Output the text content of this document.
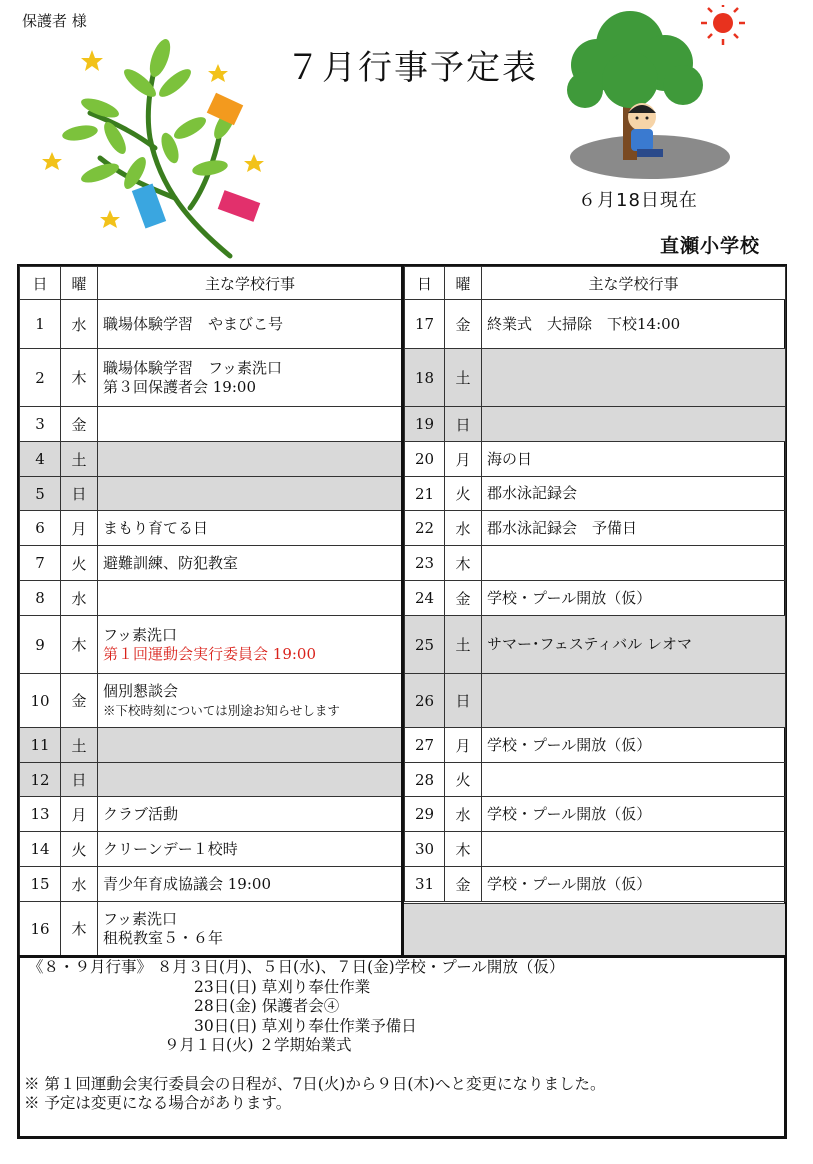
保護者 様
７月行事予定表
６月18日現在
直瀬小学校
日	曜	主な学校行事
1	水	職場体験学習　やまびこ号

2	木	職場体験学習　フッ素洗口
第３回保護者会 19:00

3	金	
4	土	
5	日	
6	月	まもり育てる日

7	火	避難訓練、防犯教室

8	水	
9	木	フッ素洗口
第１回運動会実行委員会 19:00

10	金	個別懇談会
※下校時刻については別途お知らせします

11	土	
12	日	
13	月	クラブ活動

14	火	クリーンデー１校時

15	水	青少年育成協議会 19:00

16	木	フッ素洗口
租税教室５・６年
日	曜	主な学校行事
17	金	終業式　大掃除　下校14:00

18	土	
19	日	
20	月	海の日

21	火	郡水泳記録会

22	水	郡水泳記録会　予備日

23	木	
24	金	学校・プール開放（仮）

25	土	サマー･フェスティバル レオマ

26	日	
27	月	学校・プール開放（仮）

28	火	
29	水	学校・プール開放（仮）

30	木	
31	金	学校・プール開放（仮）
《８・９月行事》 ８月３日(月)、５日(水)、７日(金)学校・プール開放（仮）
23日(日) 草刈り奉仕作業
28日(金) 保護者会④
30日(日) 草刈り奉仕作業予備日
９月１日(火) ２学期始業式
※ 第１回運動会実行委員会の日程が、7日(火)から９日(木)へと変更になりました。
※ 予定は変更になる場合があります。
